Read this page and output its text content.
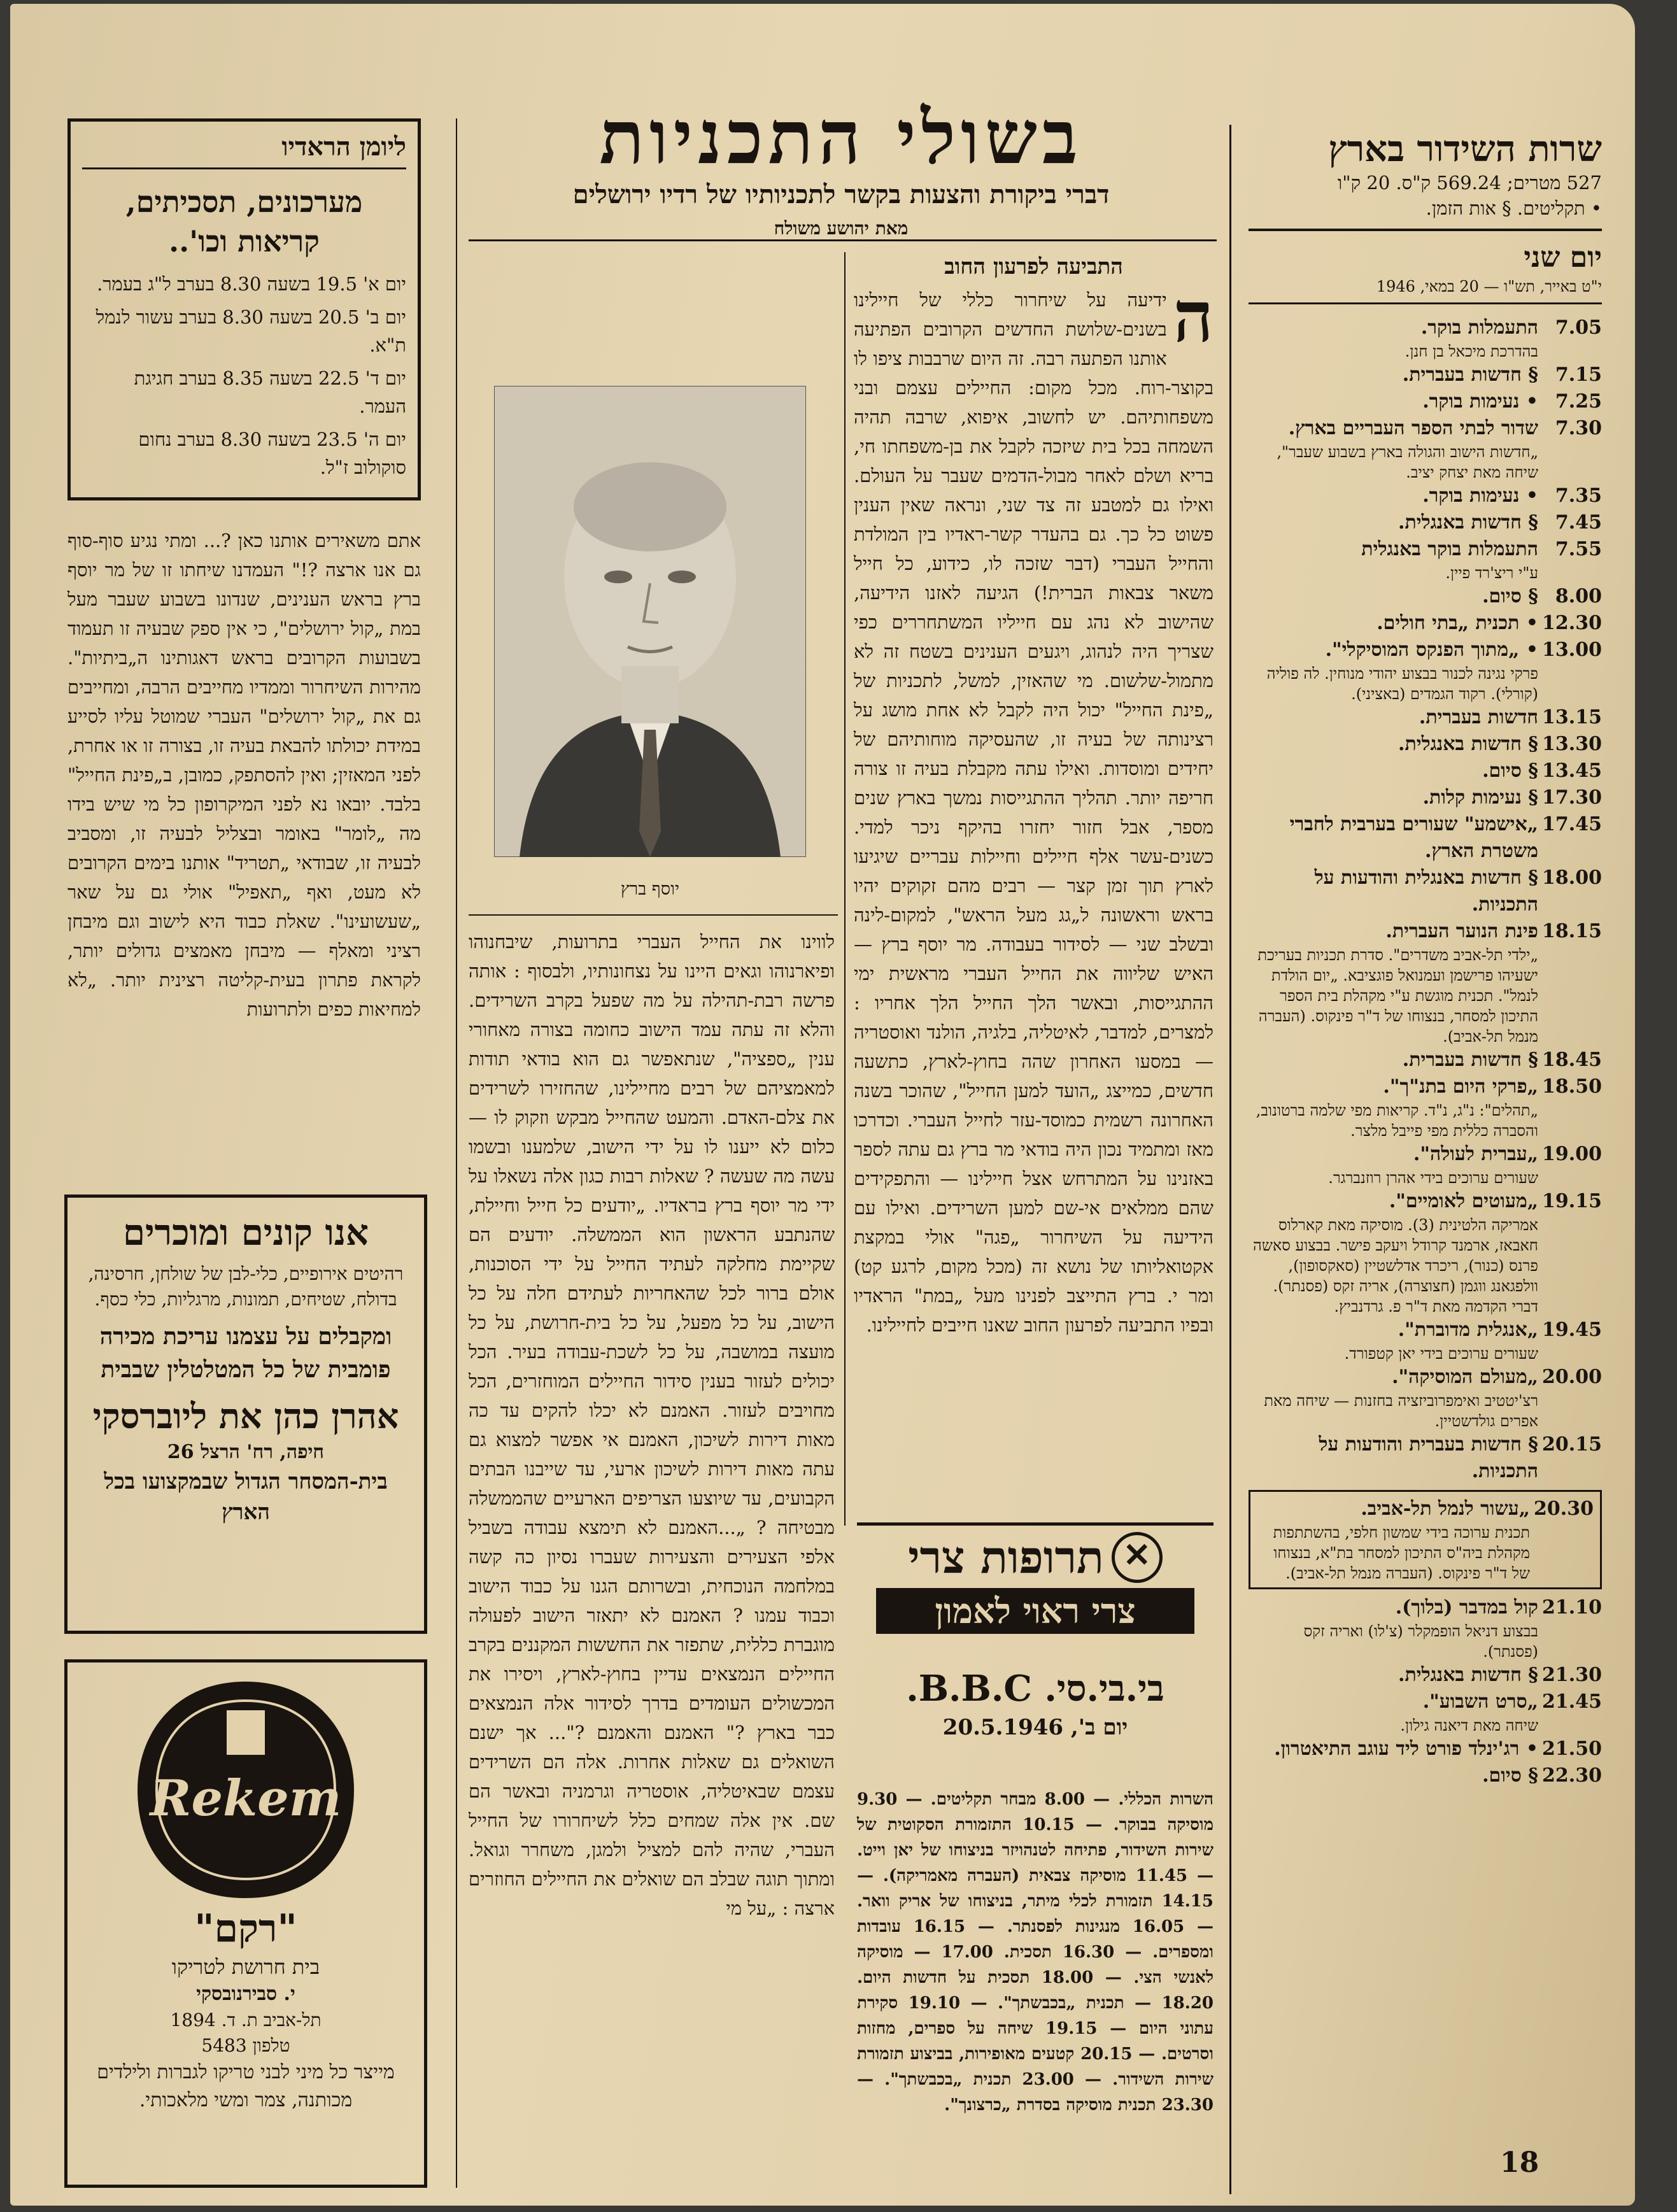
שרות השידור בארץ

527 מטרים; 569.24 ק"ס. 20 ק"ו

• תקליטים. § אות הזמן.

יום שני

י"ט באייר, תש"ו — 20 במאי, 1946
7.05
התעמלות בוקר.
בהדרכת מיכאל בן חנן.
7.15
§ חדשות בעברית.
7.25
• נעימות בוקר.
7.30
שדור לבתי הספר העבריים בארץ.
„חדשות הישוב והגולה בארץ בשבוע שעבר", שיחה מאת יצחק יציב.
7.35
• נעימות בוקר.
7.45
§ חדשות באנגלית.
7.55
התעמלות בוקר באנגלית
ע"י ריצ'רד פיין.
8.00
§ סיום.
12.30
• תכנית „בתי חולים.
13.00
• „מתוך הפנקס המוסיקלי".
פרקי נגינה לכנור בבצוע יהודי מנוחין. לה פוליה (קורלי). רקוד הגמדים (באציני).
13.15
חדשות בעברית.
13.30
§ חדשות באנגלית.
13.45
§ סיום.
17.30
§ נעימות קלות.
17.45
„אישמע" שעורים בערבית לחברי משטרת הארץ.
18.00
§ חדשות באנגלית והודעות על התכניות.
18.15
פינת הנוער העברית.
„ילדי תל-אביב משדרים". סדרת תכניות בעריכת ישעיהו פרישמן ועמנואל פוגציבא. „יום הולדת לנמל". תכנית מוגשת ע"י מקהלת בית הספר התיכון למסחר, בנצוחו של ד"ר פינקוס. (העברה מנמל תל-אביב).
18.45
§ חדשות בעברית.
18.50
„פרקי היום בתנ"ך".
„תהלים": נ"ג, נ"ד. קריאות מפי שלמה ברטונוב, והסברה כללית מפי פייבל מלצר.
19.00
„עברית לעולה".
שעורים ערוכים בידי אהרן רוזנברגר.
19.15
„מעוטים לאומיים".
אמריקה הלטינית (3). מוסיקה מאת קארלוס חאבאז, ארמנד קרודל ויעקב פישר. בבצוע סאשה פרנס (כנור), ריכרד אדלשטיין (סאקסופון), וולפגאנג ווגמן (חצוצרה), אריה זקס (פסנתר). דברי הקדמה מאת ד"ר פ. גרדנביץ.
19.45
„אנגלית מדוברת".
שעורים ערוכים בידי יאן קטפורד.
20.00
„מעולם המוסיקה".
רצ'יטטיב ואימפרוביזציה בחזנות — שיחה מאת אפרים גולדשטיין.
20.15
§ חדשות בעברית והודעות על התכניות.
20.30
„עשור לנמל תל-אביב.
תכנית ערוכה בידי שמשון חלפי, בהשתתפות מקהלת ביה"ס התיכון למסחר בת"א, בנצוחו של ד"ר פינקוס. (העברה מנמל תל-אביב).
21.10
קול במדבר (בלוך).
בבצוע דניאל הופמקלר (צ'לו) ואריה זקס (פסנתר).
21.30
§ חדשות באנגלית.
21.45
„סרט השבוע".
שיחה מאת דיאנה גילון.
21.50
• רג'ינלד פורט ליד עוגב התיאטרון.
22.30
§ סיום.
בשולי התכניות

דברי ביקורת והצעות בקשר לתכניותיו של רדיו ירושלים

מאת יהושע משולח

התביעה לפרעון החוב

ה
ידיעה על שיחרור כללי של חיילינו בשנים-שלושת החדשים הקרובים הפתיעה אותנו הפתעה רבה. זה היום שרבבות ציפו לו בקוצר-רוח. מכל מקום: החיילים עצמם ובני משפחותיהם. יש לחשוב, איפוא, שרבה תהיה השמחה בכל בית שיזכה לקבל את בן-משפחתו חי, בריא ושלם לאחר מבול-הדמים שעבר על העולם. ואילו גם למטבע זה צד שני, ונראה שאין הענין פשוט כל כך. גם בהעדר קשר-ראדיו בין המולדת והחייל העברי (דבר שזכה לו, כידוע, כל חייל משאר צבאות הברית!) הגיעה לאזנו הידיעה, שהישוב לא נהג עם חייליו המשתחררים כפי שצריך היה לנהוג, ויגעים הענינים בשטח זה לא מתמול-שלשום. מי שהאזין, למשל, לתכניות של „פינת החייל" יכול היה לקבל לא אחת מושג על רצינותה של בעיה זו, שהעסיקה מוחותיהם של יחידים ומוסדות. ואילו עתה מקבלת בעיה זו צורה חריפה יותר. תהליך ההתגייסות נמשך בארץ שנים מספר, אבל חזור יחזרו בהיקף ניכר למדי. כשנים-עשר אלף חיילים וחיילות עבריים שיגיעו לארץ תוך זמן קצר — רבים מהם זקוקים יהיו בראש וראשונה ל„גג מעל הראש", למקום-לינה ובשלב שני — לסידור בעבודה. מר יוסף ברץ — האיש שליווה את החייל העברי מראשית ימי ההתגייסות, ובאשר הלך החייל הלך אחריו : למצרים, למדבר, לאיטליה, בלגיה, הולנד ואוסטריה — במסעו האחרון שהה בחוץ-לארץ, כתשעה חדשים, כמייצג „הועד למען החייל", שהוכר בשנה האחרונה רשמית כמוסד-עזר לחייל העברי. וכדרכו מאז ומתמיד נכון היה בודאי מר ברץ גם עתה לספר באזנינו על המתרחש אצל חיילינו — והתפקידים שהם ממלאים אי-שם למען השרידים. ואילו עם הידיעה על השיחרור „פגה" אולי במקצת אקטואליותו של נושא זה (מכל מקום, לרגע קט) ומר י. ברץ התייצב לפנינו מעל „במת" הראדיו ובפיו התביעה לפרעון החוב שאנו חייבים לחיילינו.

יוסף ברץ

לווינו את החייל העברי בתרועות, שיבחנוהו ופיארנוהו וגאים היינו על נצחונותיו, ולבסוף : אותה פרשה רבת-תהילה על מה שפעל בקרב השרידים. והלא זה עתה עמד הישוב כחומה בצורה מאחורי ענין „ספציה", שנתאפשר גם הוא בודאי תודות למאמציהם של רבים מחיילינו, שהחזירו לשרידים את צלם-האדם. והמעט שהחייל מבקש וזקוק לו — כלום לא ייענו לו על ידי הישוב, שלמענו ובשמו עשה מה שעשה ? שאלות רבות כגון אלה נשאלו על ידי מר יוסף ברץ בראדיו. „יודעים כל חייל וחיילת, שהנתבע הראשון הוא הממשלה. יודעים הם שקיימת מחלקה לעתיד החייל על ידי הסוכנות, אולם ברור לכל שהאחריות לעתידם חלה על כל הישוב, על כל מפעל, על כל בית-חרושת, על כל מועצה במושבה, על כל לשכת-עבודה בעיר. הכל יכולים לעזור בענין סידור החיילים המוחזרים, הכל מחויבים לעזור. האמנם לא יכלו להקים עד כה מאות דירות לשיכון, האמנם אי אפשר למצוא גם עתה מאות דירות לשיכון ארעי, עד שייבנו הבתים הקבועים, עד שיוצעו הצריפים הארעיים שהממשלה מבטיחה ? „...האמנם לא תימצא עבודה בשביל אלפי הצעירים והצעירות שעברו נסיון כה קשה במלחמה הנוכחית, ובשרותם הגנו על כבוד הישוב וכבוד עמנו ? האמנם לא יתאזר הישוב לפעולה מוגברת כללית, שתפזר את החששות המקננים בקרב החיילים הנמצאים עדיין בחוץ-לארץ, ויסירו את המכשולים העומדים בדרך לסידור אלה הנמצאים כבר בארץ ?" האמנם והאמנם ?"... אך ישנם השואלים גם שאלות אחרות. אלה הם השרידים עצמם שבאיטליה, אוסטריה וגרמניה ובאשר הם שם. אין אלה שמחים כלל לשיחרורו של החייל העברי, שהיה להם למציל ולמגן, משחרר וגואל. ומתוך תוגה שבלב הם שואלים את החיילים החוזרים ארצה : „על מי

✕
תרופות צרי
צרי ראוי לאמון
בי.בי.סי. B.B.C.
יום ב', 20.5.1946
השרות הכללי. — 8.00 מבחר תקליטים. — 9.30 מוסיקה בבוקר. — 10.15 התזמורת הסקוטית של שירות השידור, פתיחה לטנהויזר בניצוחו של יאן וייט. — 11.45 מוסיקה צבאית (העברה מאמריקה). — 14.15 תזמורת לכלי מיתר, בניצוחו של אריק וואר. — 16.05 מנגינות לפסנתר. — 16.15 עובדות ומספרים. — 16.30 תסכית. 17.00 — מוסיקה לאנשי הצי. — 18.00 תסכית על חדשות היום. 18.20 — תכנית „בכבשתך". — 19.10 סקירת עתוני היום — 19.15 שיחה על ספרים, מחזות וסרטים. — 20.15 קטעים מאופירות, בביצוע תזמורת שירות השידור. — 23.00 תכנית „בכבשתך". — 23.30 תכנית מוסיקה בסדרת „כרצונך".
ליומן הראדיו
מערכונים, תסכיתים, קריאות וכו'..
יום א' 19.5 בשעה 8.30 בערב ל"ג בעמר.
יום ב' 20.5 בשעה 8.30 בערב עשור לנמל ת"א.
יום ד' 22.5 בשעה 8.35 בערב חגיגת העמר.
יום ה' 23.5 בשעה 8.30 בערב נחום סוקולוב ז"ל.

אתם משאירים אותנו כאן ?... ומתי נגיע סוף-סוף גם אנו ארצה ?!" העמדנו שיחתו זו של מר יוסף ברץ בראש הענינים, שנדונו בשבוע שעבר מעל במת „קול ירושלים", כי אין ספק שבעיה זו תעמוד בשבועות הקרובים בראש דאגותינו ה„ביתיות". מהירות השיחרור וממדיו מחייבים הרבה, ומחייבים גם את „קול ירושלים" העברי שמוטל עליו לסייע במידת יכולתו להבאת בעיה זו, בצורה זו או אחרת, לפני המאזין; ואין להסתפק, כמובן, ב„פינת החייל" בלבד. יובאו נא לפני המיקרופון כל מי שיש בידו מה „לומר" באומר ובצליל לבעיה זו, ומסביב לבעיה זו, שבודאי „תטריד" אותנו בימים הקרובים לא מעט, ואף „תאפיל" אולי גם על שאר „שעשועינו". שאלת כבוד היא לישוב וגם מיבחן רציני ומאלף — מיבחן מאמצים גדולים יותר, לקראת פתרון בעית-קליטה רצינית יותר. „לא למחיאות כפים ולתרועות

אנו קונים ומוכרים
רהיטים אירופיים, כלי-לבן של שולחן, חרסינה, בדולח, שטיחים, תמונות, מרגליות, כלי כסף.
ומקבלים על עצמנו עריכת מכירה פומבית של כל המטלטלין שבבית
אהרן כהן את ליוברסקי
חיפה, רח' הרצל 26
בית-המסחר הגדול שבמקצועו בכל הארץ
Rekem
"רקם"
בית חרושת לטריקו
י. סבירנובסקי
תל-אביב ת. ד. 1894
טלפון 5483
מייצר כל מיני לבני טריקו לגברות ולילדים
מכותנה, צמר ומשי מלאכותי.
18
